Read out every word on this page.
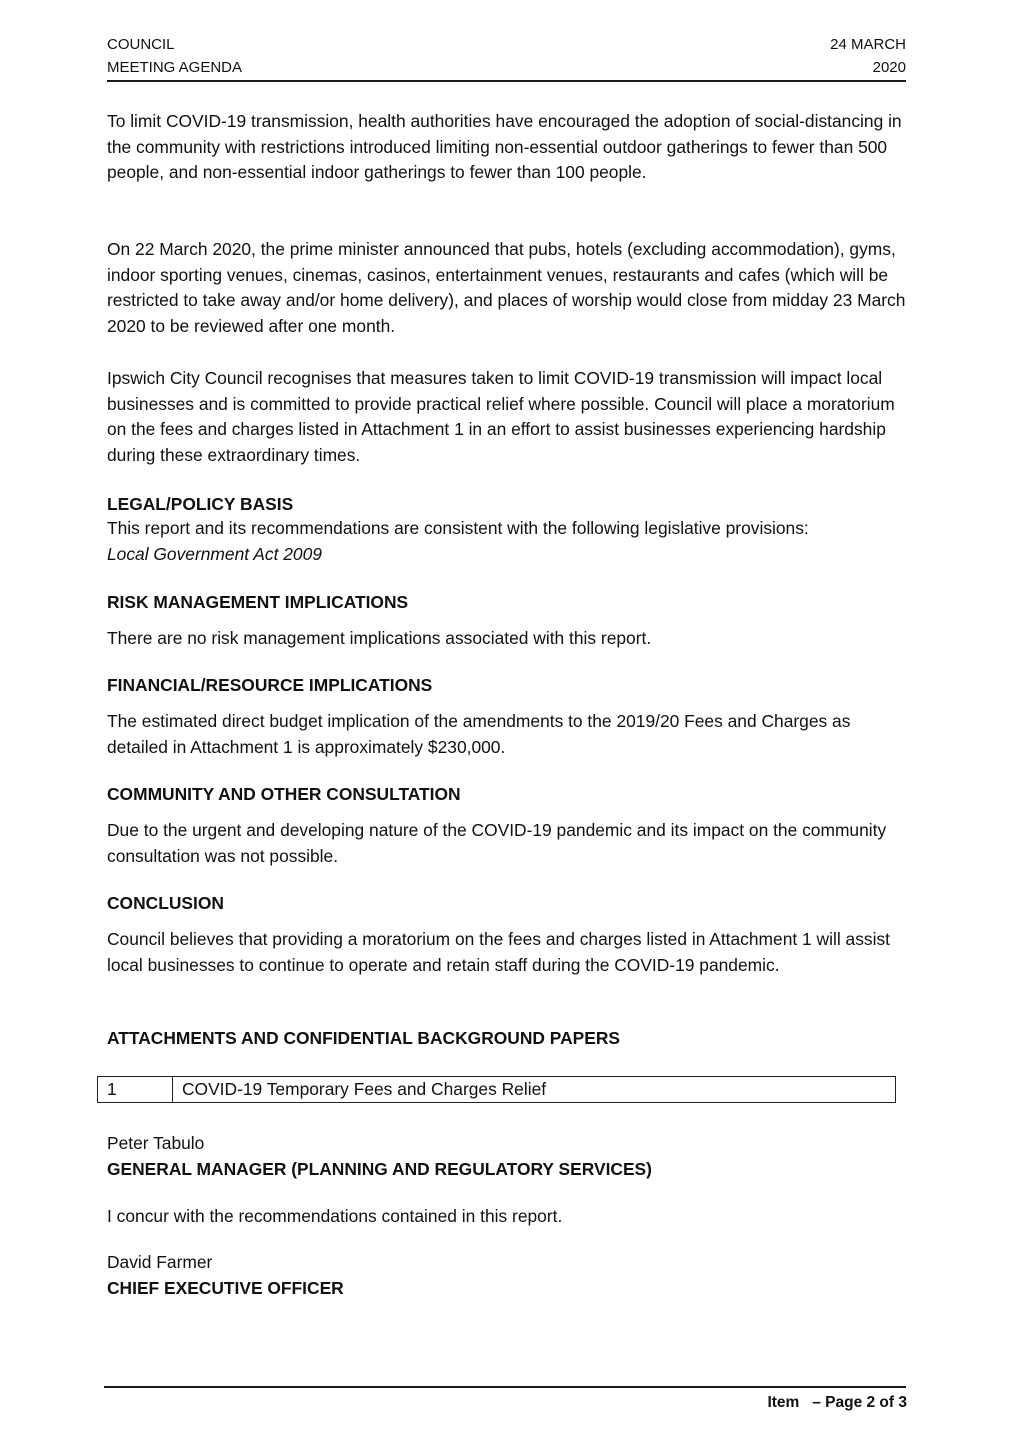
COUNCIL
MEETING AGENDA
24 MARCH
2020
To limit COVID-19 transmission, health authorities have encouraged the adoption of social-distancing in the community with restrictions introduced limiting non-essential outdoor gatherings to fewer than 500 people, and non-essential indoor gatherings to fewer than 100 people.
On 22 March 2020, the prime minister announced that pubs, hotels (excluding accommodation), gyms, indoor sporting venues, cinemas, casinos, entertainment venues, restaurants and cafes (which will be restricted to take away and/or home delivery), and places of worship would close from midday 23 March 2020 to be reviewed after one month.
Ipswich City Council recognises that measures taken to limit COVID-19 transmission will impact local businesses and is committed to provide practical relief where possible. Council will place a moratorium on the fees and charges listed in Attachment 1 in an effort to assist businesses experiencing hardship during these extraordinary times.
LEGAL/POLICY BASIS
This report and its recommendations are consistent with the following legislative provisions:
Local Government Act 2009
RISK MANAGEMENT IMPLICATIONS
There are no risk management implications associated with this report.
FINANCIAL/RESOURCE IMPLICATIONS
The estimated direct budget implication of the amendments to the 2019/20 Fees and Charges as detailed in Attachment 1 is approximately $230,000.
COMMUNITY AND OTHER CONSULTATION
Due to the urgent and developing nature of the COVID-19 pandemic and its impact on the community consultation was not possible.
CONCLUSION
Council believes that providing a moratorium on the fees and charges listed in Attachment 1 will assist local businesses to continue to operate and retain staff during the COVID-19 pandemic.
ATTACHMENTS AND CONFIDENTIAL BACKGROUND PAPERS
1	COVID-19 Temporary Fees and Charges Relief
Peter Tabulo
GENERAL MANAGER (PLANNING AND REGULATORY SERVICES)
I concur with the recommendations contained in this report.
David Farmer
CHIEF EXECUTIVE OFFICER
Item   – Page 2 of 3
